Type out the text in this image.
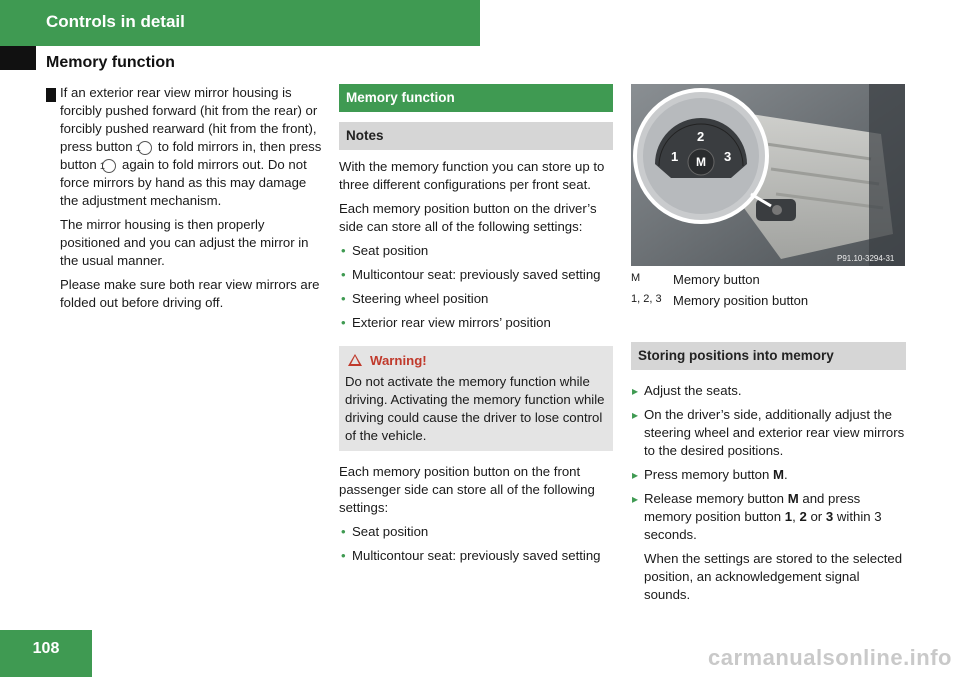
Controls in detail
Memory function

! If an exterior rear view mirror housing is forcibly pushed forward (hit from the rear) or forcibly pushed rearward (hit from the front), press button 1 to fold mirrors in, then press button 1 again to fold mirrors out. Do not force mirrors by hand as this may damage the adjustment mechanism.

The mirror housing is then properly positioned and you can adjust the mirror in the usual manner.

Please make sure both rear view mirrors are folded out before driving off.

Memory function
Notes

With the memory function you can store up to three different configurations per front seat.

Each memory position button on the driver’s side can store all of the following settings:

• Seat position
• Multicontour seat: previously saved setting
• Steering wheel position
• Exterior rear view mirrors’ position
Warning!
Do not activate the memory function while driving. Activating the memory function while driving could cause the driver to lose control of the vehicle.

Each memory position button on the front passenger side can store all of the following settings:

• Seat position
• Multicontour seat: previously saved setting
P91.10-3294-31
1
2
3
M
M	Memory button
1, 2, 3 Memory position button
Storing positions into memory
▸ Adjust the seats.
▸ On the driver’s side, additionally adjust the steering wheel and exterior rear view mirrors to the desired positions.
▸ Press memory button M.
▸ Release memory button M and press memory position button 1, 2 or 3 within 3 seconds.

When the settings are stored to the selected position, an acknowledgement signal sounds.

108	carmanualsonline.info
